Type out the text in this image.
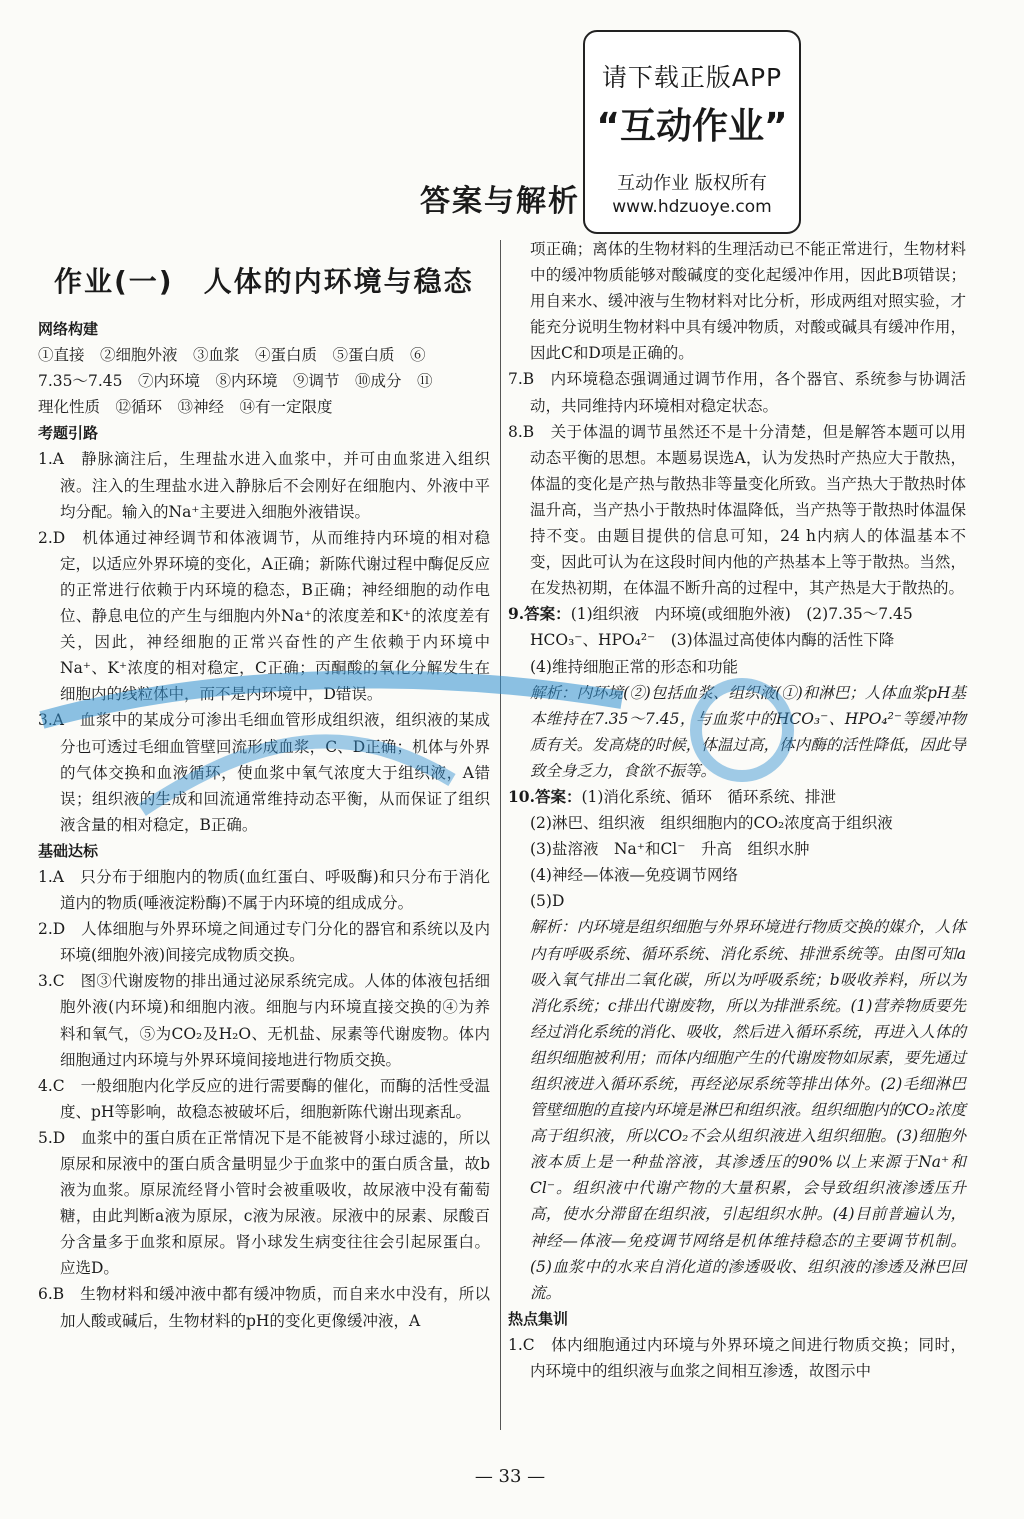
请下载正版APP
“互动作业”
互动作业 版权所有
www.hdzuoye.com
答案与解析
作业(一)　人体的内环境与稳态
网络构建
①直接　②细胞外液　③血浆　④蛋白质　⑤蛋白质　⑥
7.35～7.45　⑦内环境　⑧内环境　⑨调节　⑩成分　⑪
理化性质　⑫循环　⑬神经　⑭有一定限度
考题引路
1.A　静脉滴注后，生理盐水进入血浆中，并可由血浆进入组织液。注入的生理盐水进入静脉后不会刚好在细胞内、外液中平均分配。输入的Na⁺主要进入细胞外液错误。
2.D　机体通过神经调节和体液调节，从而维持内环境的相对稳定，以适应外界环境的变化，A正确；新陈代谢过程中酶促反应的正常进行依赖于内环境的稳态，B正确；神经细胞的动作电位、静息电位的产生与细胞内外Na⁺的浓度差和K⁺的浓度差有关，因此，神经细胞的正常兴奋性的产生依赖于内环境中Na⁺、K⁺浓度的相对稳定，C正确；丙酮酸的氧化分解发生在细胞内的线粒体中，而不是内环境中，D错误。
3.A　血浆中的某成分可渗出毛细血管形成组织液，组织液的某成分也可透过毛细血管壁回流形成血浆，C、D正确；机体与外界的气体交换和血液循环，使血浆中氧气浓度大于组织液，A错误；组织液的生成和回流通常维持动态平衡，从而保证了组织液含量的相对稳定，B正确。
基础达标
1.A　只分布于细胞内的物质(血红蛋白、呼吸酶)和只分布于消化道内的物质(唾液淀粉酶)不属于内环境的组成成分。
2.D　人体细胞与外界环境之间通过专门分化的器官和系统以及内环境(细胞外液)间接完成物质交换。
3.C　图③代谢废物的排出通过泌尿系统完成。人体的体液包括细胞外液(内环境)和细胞内液。细胞与内环境直接交换的④为养料和氧气，⑤为CO₂及H₂O、无机盐、尿素等代谢废物。体内细胞通过内环境与外界环境间接地进行物质交换。
4.C　一般细胞内化学反应的进行需要酶的催化，而酶的活性受温度、pH等影响，故稳态被破坏后，细胞新陈代谢出现紊乱。
5.D　血浆中的蛋白质在正常情况下是不能被肾小球过滤的，所以原尿和尿液中的蛋白质含量明显少于血浆中的蛋白质含量，故b液为血浆。原尿流经肾小管时会被重吸收，故尿液中没有葡萄糖，由此判断a液为原尿，c液为尿液。尿液中的尿素、尿酸百分含量多于血浆和原尿。肾小球发生病变往往会引起尿蛋白。应选D。
6.B　生物材料和缓冲液中都有缓冲物质，而自来水中没有，所以加人酸或碱后，生物材料的pH的变化更像缓冲液，A
项正确；离体的生物材料的生理活动已不能正常进行，生物材料中的缓冲物质能够对酸碱度的变化起缓冲作用，因此B项错误；用自来水、缓冲液与生物材料对比分析，形成两组对照实验，才能充分说明生物材料中具有缓冲物质，对酸或碱具有缓冲作用，因此C和D项是正确的。
7.B　内环境稳态强调通过调节作用，各个器官、系统参与协调活动，共同维持内环境相对稳定状态。
8.B　关于体温的调节虽然还不是十分清楚，但是解答本题可以用动态平衡的思想。本题易误选A，认为发热时产热应大于散热，体温的变化是产热与散热非等量变化所致。当产热大于散热时体温升高，当产热小于散热时体温降低，当产热等于散热时体温保持不变。由题目提供的信息可知，24 h内病人的体温基本不变，因此可认为在这段时间内他的产热基本上等于散热。当然，在发热初期，在体温不断升高的过程中，其产热是大于散热的。
9.答案：(1)组织液　内环境(或细胞外液)　(2)7.35～7.45
HCO₃⁻、HPO₄²⁻　(3)体温过高使体内酶的活性下降
(4)维持细胞正常的形态和功能
解析：内环境(②)包括血浆、组织液(①)和淋巴；人体血浆pH基本维持在7.35～7.45，与血浆中的HCO₃⁻、HPO₄²⁻等缓冲物质有关。发高烧的时候，体温过高，体内酶的活性降低，因此导致全身乏力，食欲不振等。
10.答案：(1)消化系统、循环　循环系统、排泄
(2)淋巴、组织液　组织细胞内的CO₂浓度高于组织液
(3)盐溶液　Na⁺和Cl⁻　升高　组织水肿
(4)神经—体液—免疫调节网络
(5)D
解析：内环境是组织细胞与外界环境进行物质交换的媒介，人体内有呼吸系统、循环系统、消化系统、排泄系统等。由图可知a吸入氧气排出二氧化碳，所以为呼吸系统；b吸收养料，所以为消化系统；c排出代谢废物，所以为排泄系统。(1)营养物质要先经过消化系统的消化、吸收，然后进入循环系统，再进入人体的组织细胞被利用；而体内细胞产生的代谢废物如尿素，要先通过组织液进入循环系统，再经泌尿系统等排出体外。(2)毛细淋巴管壁细胞的直接内环境是淋巴和组织液。组织细胞内的CO₂浓度高于组织液，所以CO₂不会从组织液进入组织细胞。(3)细胞外液本质上是一种盐溶液，其渗透压的90%以上来源于Na⁺和Cl⁻。组织液中代谢产物的大量积累，会导致组织液渗透压升高，使水分滞留在组织液，引起组织水肿。(4)目前普遍认为，神经—体液—免疫调节网络是机体维持稳态的主要调节机制。(5)血浆中的水来自消化道的渗透吸收、组织液的渗透及淋巴回流。
热点集训
1.C　体内细胞通过内环境与外界环境之间进行物质交换；同时，内环境中的组织液与血浆之间相互渗透，故图示中
— 33 —
